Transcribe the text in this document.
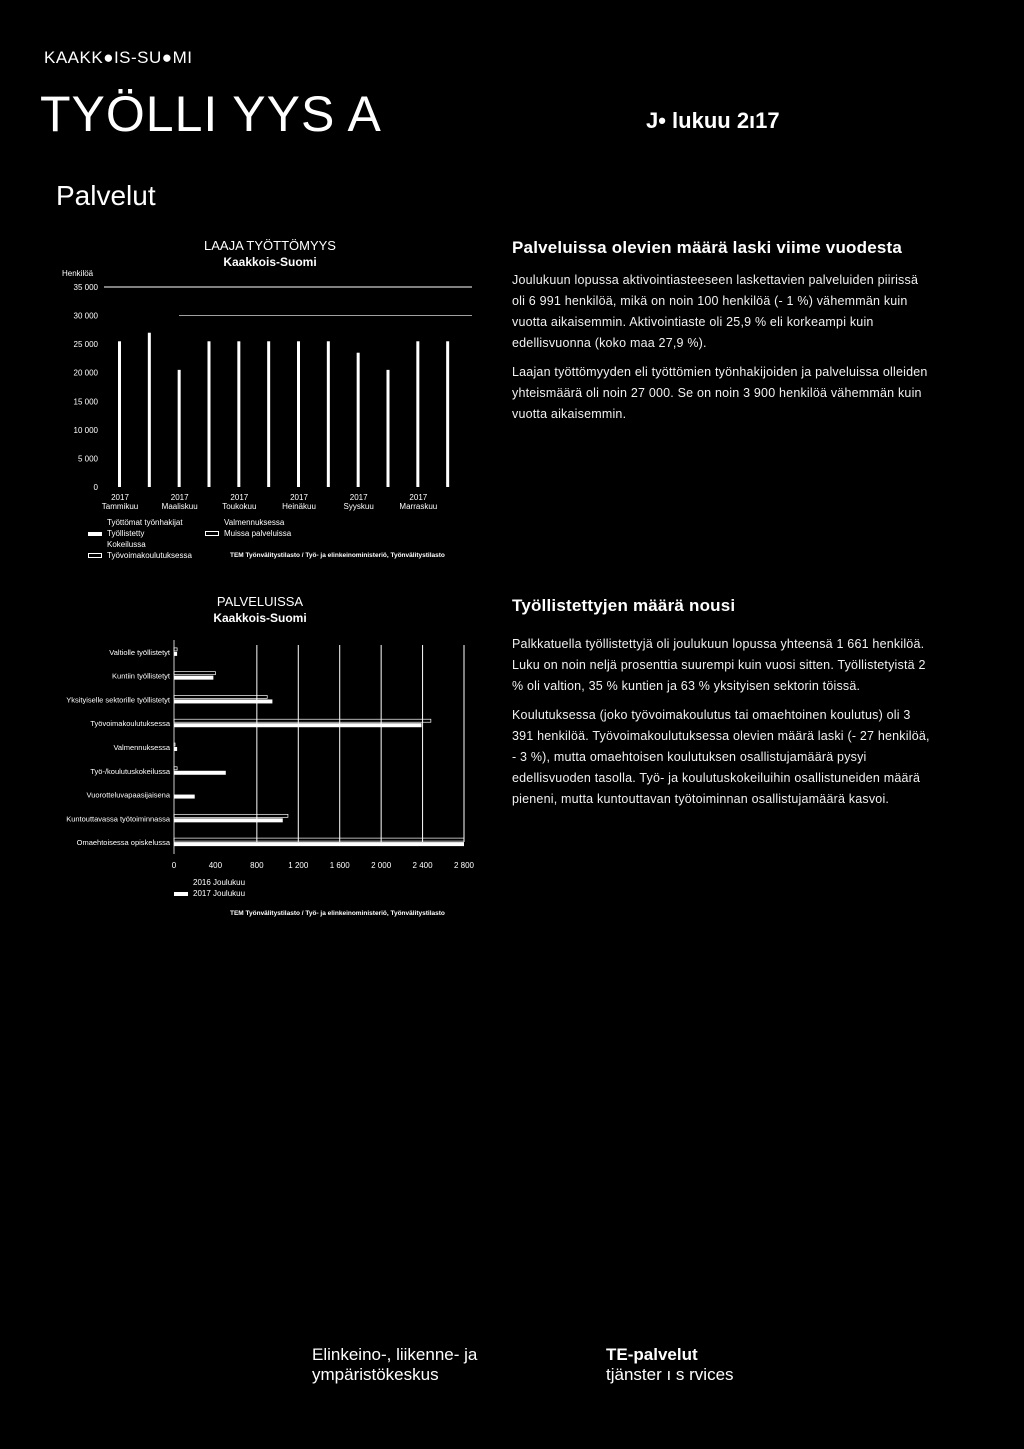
KAAKK●IS-SU●MI
TYÖLLI YYS A	J• lukuu 2ı17
Palvelut
LAAJA TYÖTTÖMYYS
Kaakkois-Suomi
Henkilöä
0
5 000
10 000
15 000
20 000
25 000
30 000
35 000
2017
Tammikuu
2017
Maaliskuu
2017
Toukokuu
2017
Heinäkuu
2017
Syyskuu
2017
Marraskuu
Työttömat työnhakijat
Työllistetty
Kokeilussa
Työvoimakoulutuksessa
Valmennuksessa
Muissa palveluissa
TEM Työnvälitystilasto / Työ- ja elinkeinoministeriö, Työnvälitystilasto
Palveluissa olevien määrä laski viime vuodesta
Joulukuun lopussa aktivointiasteeseen laskettavien palveluiden piirissä oli 6 991 henkilöä, mikä on noin 100 henkilöä (- 1 %) vähemmän kuin vuotta aikaisemmin. Aktivointiaste oli 25,9 % eli korkeampi kuin edellisvuonna (koko maa 27,9 %).
Laajan työttömyyden eli työttömien työnhakijoiden ja palveluissa olleiden yhteismäärä oli noin 27 000. Se on noin 3 900 henkilöä vähemmän kuin vuotta aikaisemmin.
PALVELUISSA
Kaakkois-Suomi
Valtiolle työllistetyt
Kuntiin työllistetyt
Yksityiselle sektorille työllistetyt
Työvoimakoulutuksessa
Valmennuksessa
Työ-/koulutuskokeilussa
Vuorotteluvapaasijaisena
Kuntouttavassa työtoiminnassa
Omaehtoisessa opiskelussa
0	400	800	1 200	1 600	2 000	2 400	2 800
2016 Joulukuu
2017 Joulukuu
TEM Työnvälitystilasto / Työ- ja elinkeinoministeriö, Työnvälitystilasto
Työllistettyjen määrä nousi
Palkkatuella työllistettyjä oli joulukuun lopussa yhteensä 1 661 henkilöä. Luku on noin neljä prosenttia suurempi kuin vuosi sitten. Työllistetyistä 2 % oli valtion, 35 % kuntien ja 63 % yksityisen sektorin töissä.
Koulutuksessa (joko työvoimakoulutus tai omaehtoinen koulutus) oli 3 391 henkilöä. Työvoimakoulutuksessa olevien määrä laski (- 27 henkilöä, - 3 %), mutta omaehtoisen koulutuksen osallistujamäärä pysyi edellisvuoden tasolla. Työ- ja koulutuskokeiluihin osallistuneiden määrä pieneni, mutta kuntouttavan työtoiminnan osallistujamäärä kasvoi.
Elinkeino-, liikenne- ja
ympäristökeskus
TE-palvelut
tjänster ı s rvices
